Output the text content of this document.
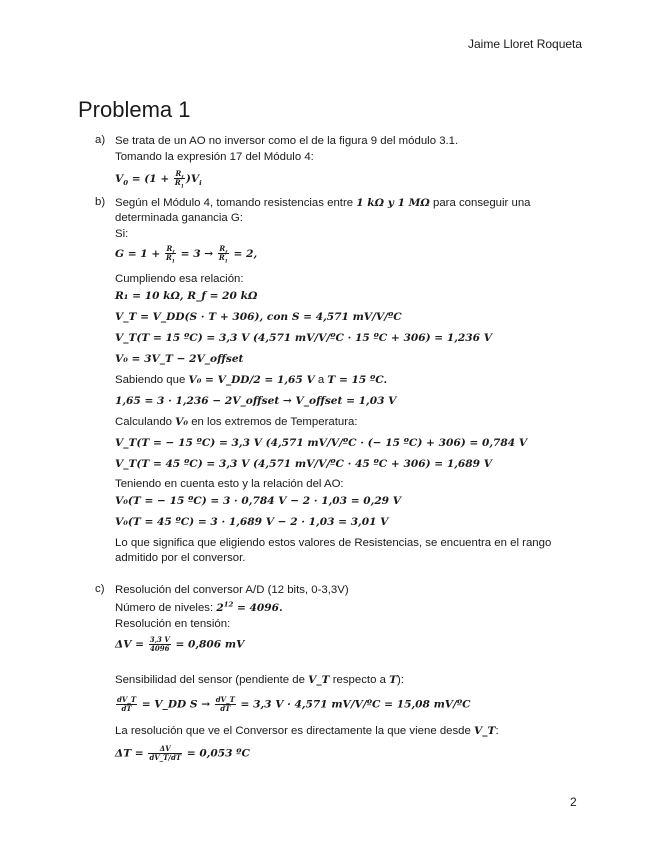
Jaime Lloret Roqueta
Problema 1
a) Se trata de un AO no inversor como el de la figura 9 del módulo 3.1.
Tomando la expresión 17 del Módulo 4:
$V_0 = (1 + \frac{R_f}{R_1} )V_i$
b) Según el Módulo 4, tomando resistencias entre 1 kΩ y 1 MΩ para conseguir una
determinada ganancia G:
Si:
$G = 1 + \frac{R_f}{R_1} = 3 \to \frac{R_f}{R_1} = 2$,
Cumpliendo esa relación:
R₁ = 10 kΩ, R_f = 20 kΩ
V_T = V_DD(S · T + 306), con S = 4,571 mV/V/ºC
V_T(T = 15 ºC) = 3,3 V (4,571 mV/V/ºC · 15 ºC + 306) = 1,236 V
V₀ = 3V_T − 2V_offset
Sabiendo que V₀ = V_DD/2 = 1,65 V a T = 15 ºC.
1,65 = 3 · 1,236 − 2V_offset → V_offset = 1,03 V
Calculando V₀ en los extremos de Temperatura:
V_T(T = − 15 ºC) = 3,3 V (4,571 mV/V/ºC · (− 15 ºC) + 306) = 0,784 V
V_T(T = 45 ºC) = 3,3 V (4,571 mV/V/ºC · 45 ºC + 306) = 1,689 V
Teniendo en cuenta esto y la relación del AO:
V₀(T = − 15 ºC) = 3 · 0,784 V − 2 · 1,03 = 0,29 V
V₀(T = 45 ºC) = 3 · 1,689 V − 2 · 1,03 = 3,01 V
Lo que significa que eligiendo estos valores de Resistencias, se encuentra en el rango
admitido por el conversor.
c) Resolución del conversor A/D (12 bits, 0-3,3V)
Número de niveles: $2^{12} = 4096$.
Resolución en tensión:
$\Delta V = \frac{3,3 V}{4096} = 0,806$ mV
Sensibilidad del sensor (pendiente de V_T respecto a T):
$\frac{dV\_T}{dT}$ = V_DD $S \to \frac{dV\_T}{dT} = 3,3$ V · 4,571 mV/V/ºC = 15,08 mV/ºC
La resolución que ve el Conversor es directamente la que viene desde V_T:
$\Delta T = \frac{\Delta V}{dV\_T/dT} = 0,053$ ºC
2
